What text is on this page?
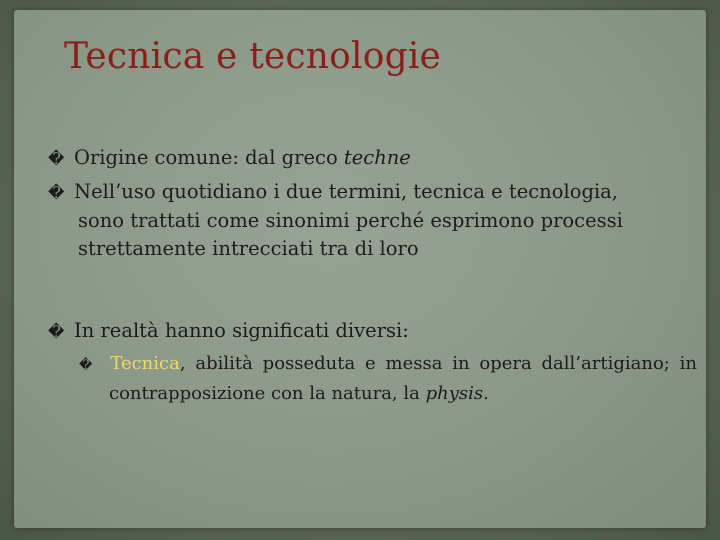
Tecnica e tecnologie
� Origine comune: dal greco techne
� Nell’uso quotidiano i due termini, tecnica e tecnologia,
sono trattati come sinonimi perché esprimono processi
strettamente intrecciati tra di loro
� In realtà hanno significati diversi:
� Tecnica, abilità posseduta e messa in opera dall’artigiano; in contrapposizione con la natura, la physis.
